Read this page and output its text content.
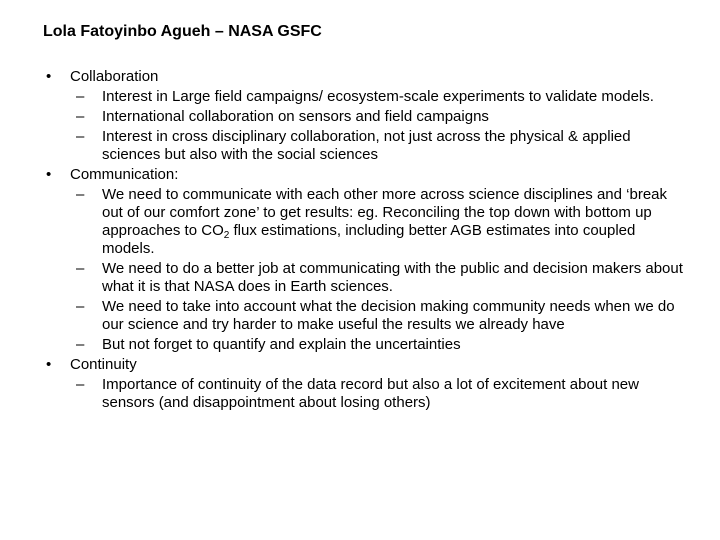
Lola Fatoyinbo Agueh – NASA GSFC
• Collaboration
– Interest in Large field campaigns/ ecosystem-scale experiments to validate models.
– International collaboration on sensors and field campaigns
– Interest in cross disciplinary collaboration, not just across the physical & applied sciences but also with the social sciences
• Communication:
– We need to communicate with each other more across science disciplines and ‘break out of our comfort zone’ to get results: eg. Reconciling the top down with bottom up approaches to $CO_2$ flux estimations, including better AGB estimates into coupled models.
– We need to do a better job at communicating with the public and decision makers about what it is that NASA does in Earth sciences.
– We need to take into account what the decision making community needs when we do our science and try harder to make useful the results we already have
– But not forget to quantify and explain the uncertainties
• Continuity
– Importance of continuity of the data record but also a lot of excitement about new sensors (and disappointment about losing others)
